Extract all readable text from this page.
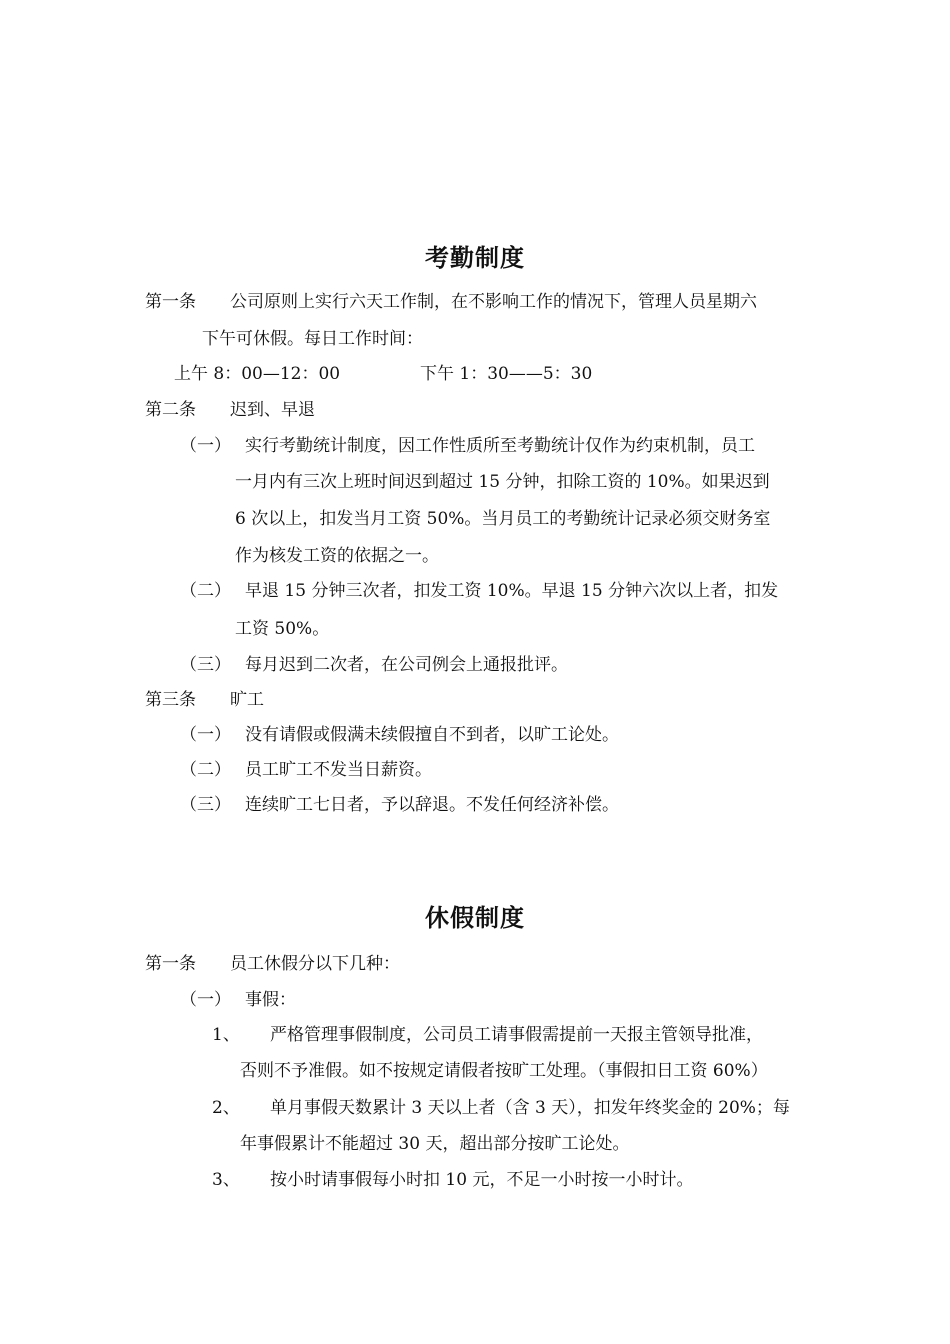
考勤制度
第一条 公司原则上实行六天工作制，在不影响工作的情况下，管理人员星期六
下午可休假。每日工作时间：
上午 8：00—12：00	下午 1：30——5：30
第二条 迟到、早退
（一） 实行考勤统计制度，因工作性质所至考勤统计仅作为约束机制，员工
一月内有三次上班时间迟到超过 15 分钟，扣除工资的 10%。如果迟到
6 次以上，扣发当月工资 50%。当月员工的考勤统计记录必须交财务室
作为核发工资的依据之一。
（二） 早退 15 分钟三次者，扣发工资 10%。早退 15 分钟六次以上者，扣发
工资 50%。
（三） 每月迟到二次者，在公司例会上通报批评。
第三条 旷工
（一） 没有请假或假满未续假擅自不到者，以旷工论处。
（二） 员工旷工不发当日薪资。
（三） 连续旷工七日者，予以辞退。不发任何经济补偿。
休假制度
第一条 员工休假分以下几种：
（一） 事假：
1、 严格管理事假制度，公司员工请事假需提前一天报主管领导批准，
否则不予准假。如不按规定请假者按旷工处理。（事假扣日工资 60%）
2、 单月事假天数累计 3 天以上者（含 3 天），扣发年终奖金的 20%；每
年事假累计不能超过 30 天，超出部分按旷工论处。
3、 按小时请事假每小时扣 10 元，不足一小时按一小时计。
